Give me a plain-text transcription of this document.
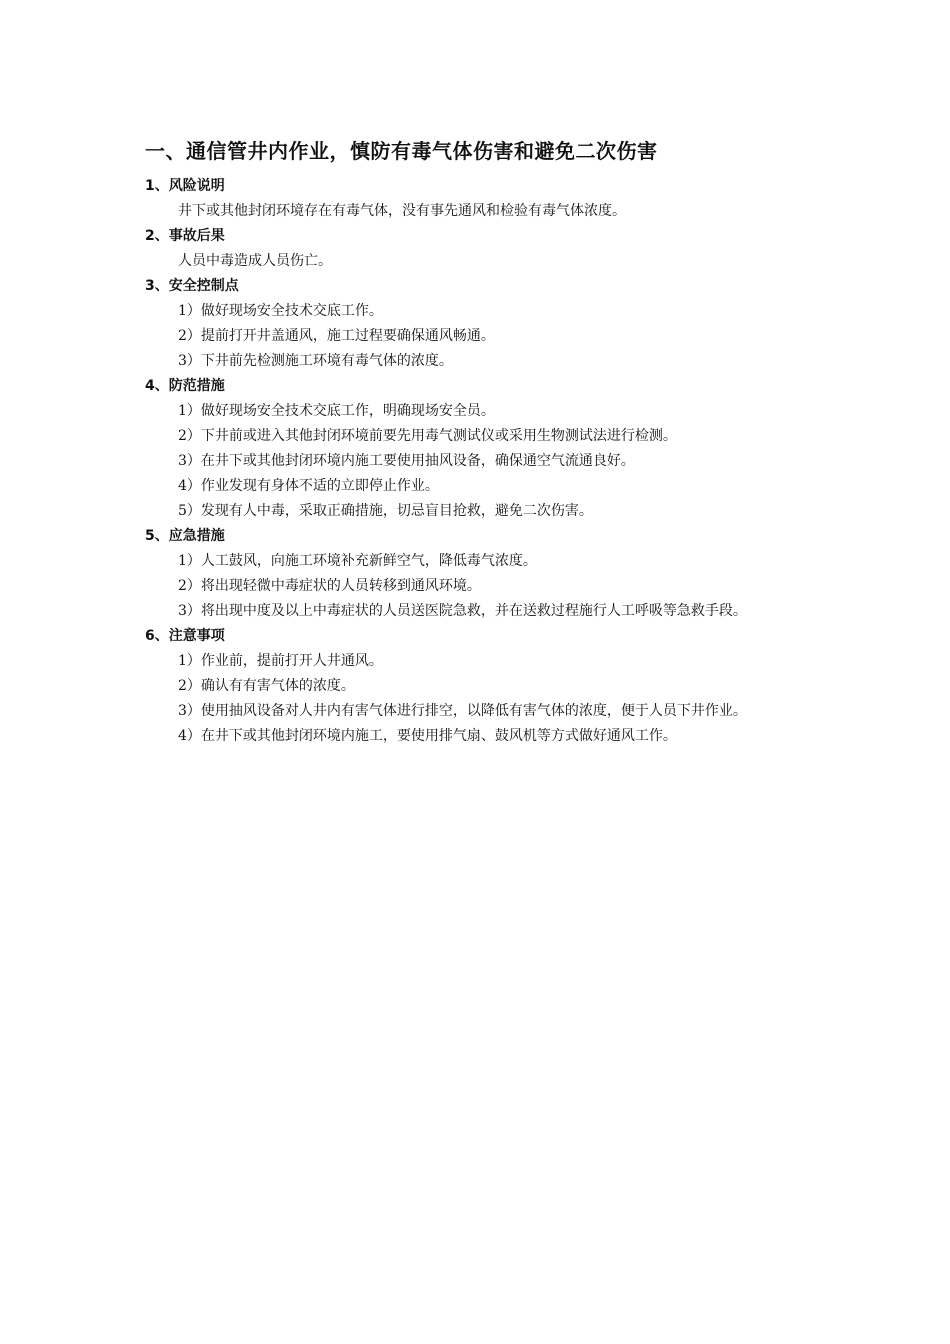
一、通信管井内作业，慎防有毒气体伤害和避免二次伤害
1、风险说明

井下或其他封闭环境存在有毒气体，没有事先通风和检验有毒气体浓度。

2、事故后果

人员中毒造成人员伤亡。

3、安全控制点

1）做好现场安全技术交底工作。

2）提前打开井盖通风，施工过程要确保通风畅通。

3）下井前先检测施工环境有毒气体的浓度。

4、防范措施

1）做好现场安全技术交底工作，明确现场安全员。

2）下井前或进入其他封闭环境前要先用毒气测试仪或采用生物测试法进行检测。

3）在井下或其他封闭环境内施工要使用抽风设备，确保通空气流通良好。

4）作业发现有身体不适的立即停止作业。

5）发现有人中毒，采取正确措施，切忌盲目抢救，避免二次伤害。

5、应急措施

1）人工鼓风，向施工环境补充新鲜空气，降低毒气浓度。

2）将出现轻微中毒症状的人员转移到通风环境。

3）将出现中度及以上中毒症状的人员送医院急救，并在送救过程施行人工呼吸等急救手段。

6、注意事项

1）作业前，提前打开人井通风。

2）确认有有害气体的浓度。

3）使用抽风设备对人井内有害气体进行排空，以降低有害气体的浓度，便于人员下井作业。

4）在井下或其他封闭环境内施工，要使用排气扇、鼓风机等方式做好通风工作。
